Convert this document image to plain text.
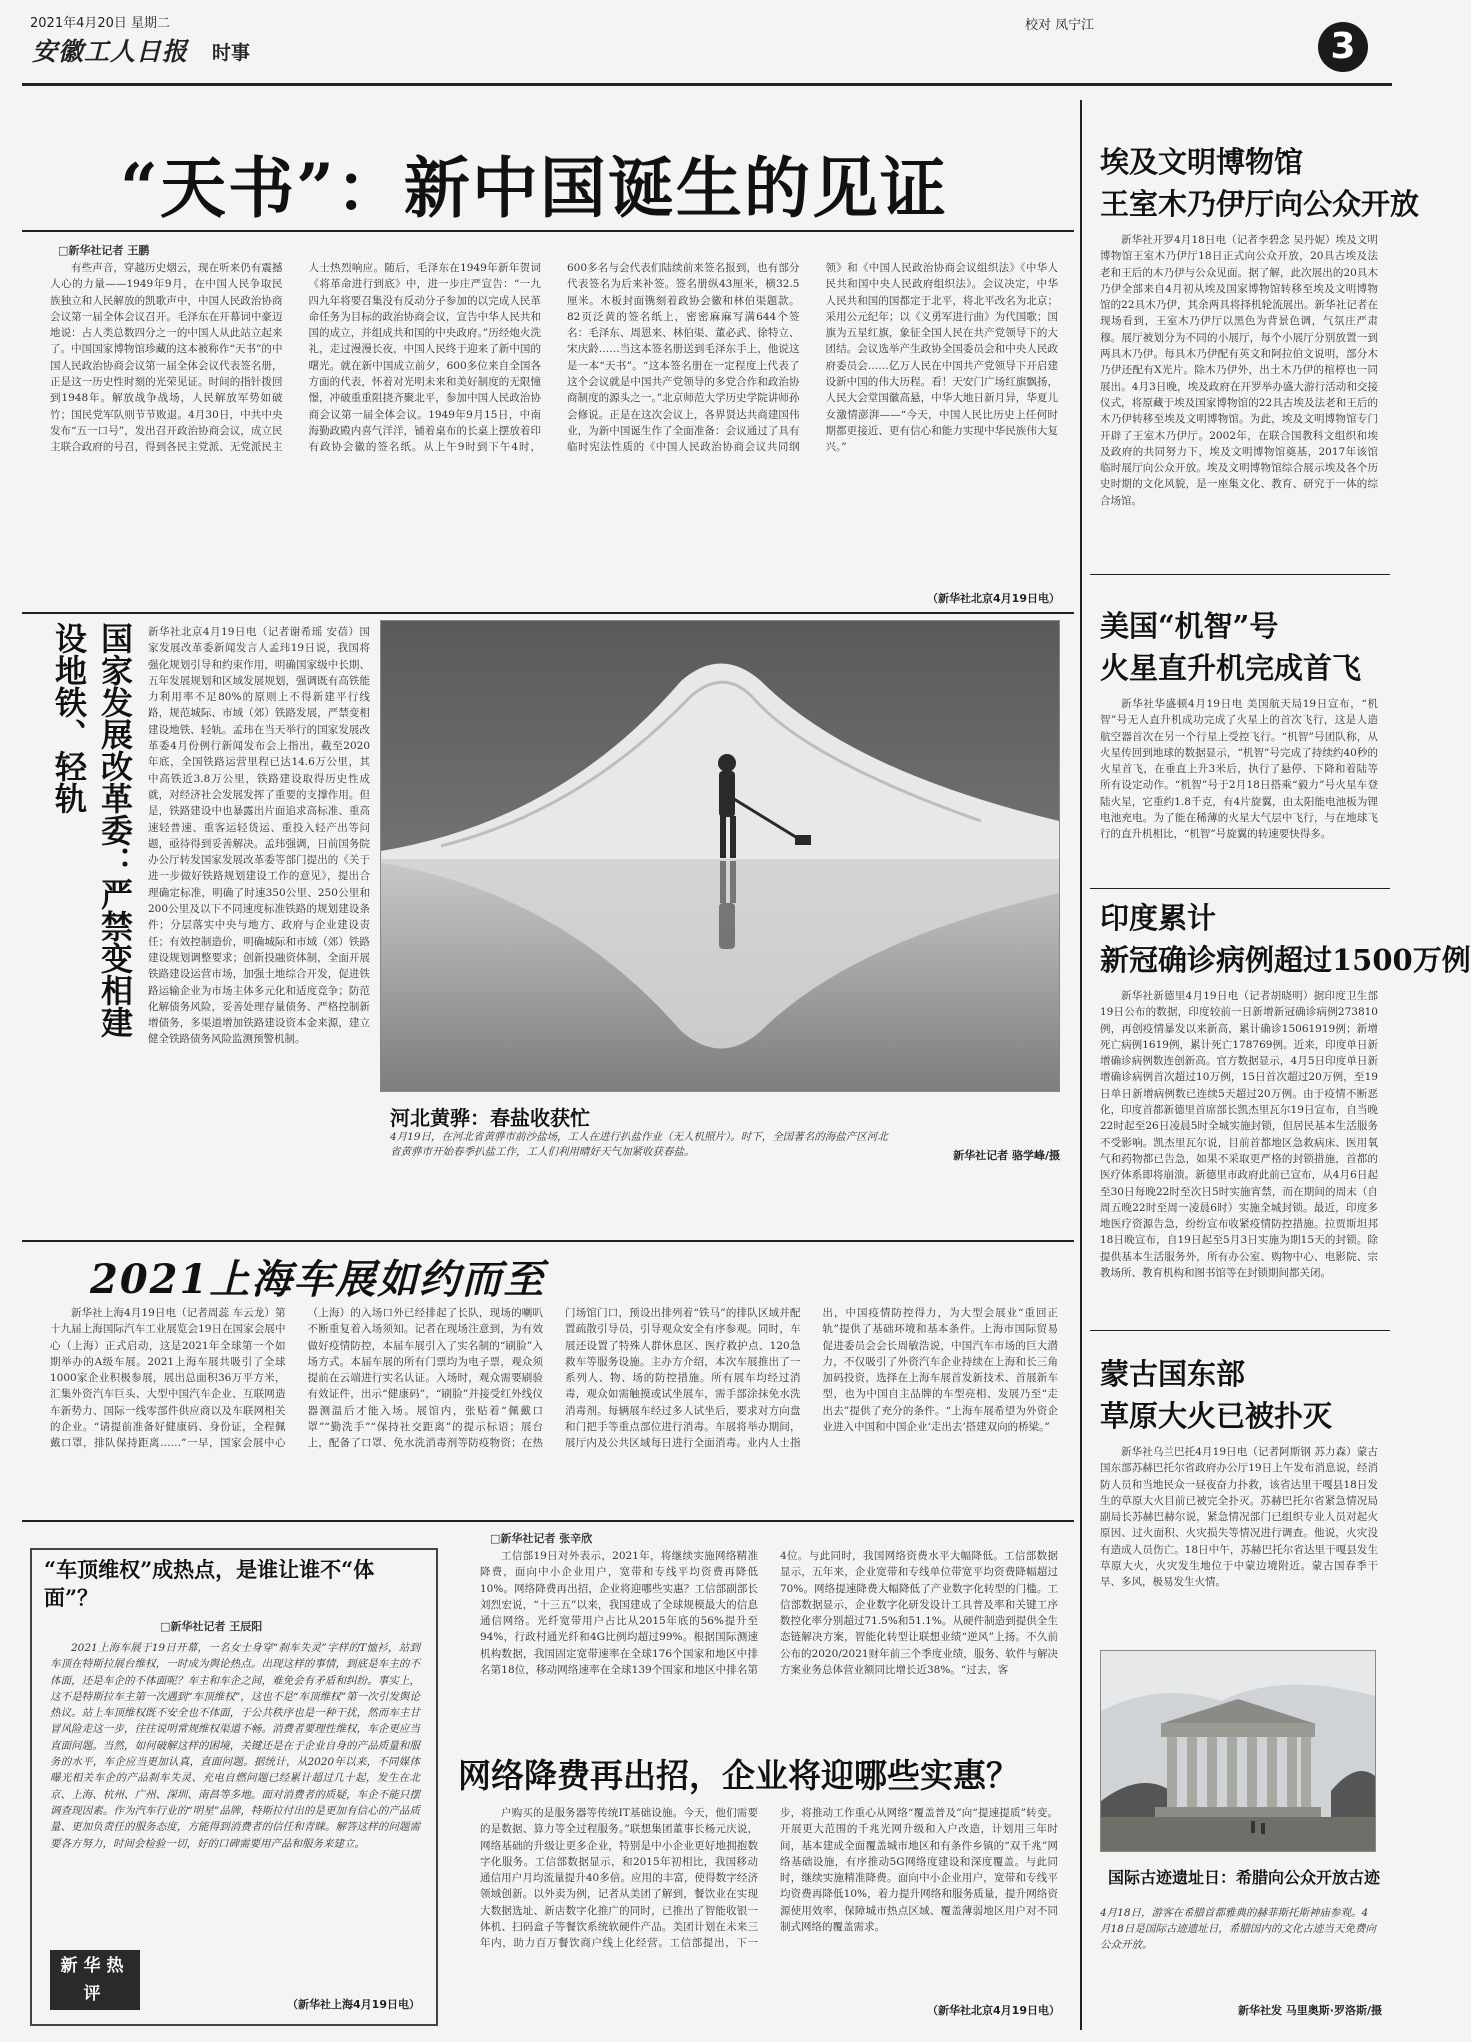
2021年4月20日 星期二
安徽工人日报 时事
校对 凤宁江
3
“天书”：新中国诞生的见证
□新华社记者 王鹏
有些声音，穿越历史烟云，现在听来仍有震撼人心的力量——1949年9月，在中国人民争取民族独立和人民解放的凯歌声中，中国人民政治协商会议第一届全体会议召开。毛泽东在开幕词中豪迈地说：占人类总数四分之一的中国人从此站立起来了。中国国家博物馆珍藏的这本被称作“天书”的中国人民政治协商会议第一届全体会议代表签名册，正是这一历史性时刻的光荣见证。时间的指针拨回到1948年。解放战争战场，人民解放军势如破竹；国民党军队则节节败退。4月30日，中共中央发布“五一口号”，发出召开政治协商会议，成立民主联合政府的号召，得到各民主党派、无党派民主人士热烈响应。随后，毛泽东在1949年新年贺词《将革命进行到底》中，进一步庄严宣告：“一九四九年将要召集没有反动分子参加的以完成人民革命任务为目标的政治协商会议，宣告中华人民共和国的成立，并组成共和国的中央政府。”历经炮火洗礼，走过漫漫长夜，中国人民终于迎来了新中国的曙光。就在新中国成立前夕，600多位来自全国各方面的代表，怀着对光明未来和美好制度的无限憧憬，冲破重重阻挠齐聚北平，参加中国人民政治协商会议第一届全体会议。1949年9月15日，中南海勤政殿内喜气洋洋，铺着桌布的长桌上摆放着印有政协会徽的签名纸。从上午9时到下午4时，600多名与会代表们陆续前来签名报到，也有部分代表签名为后来补签。签名册纵43厘米，横32.5厘米。木板封面镌刻着政协会徽和林伯渠题款。82页泛黄的签名纸上，密密麻麻写满644个签名：毛泽东、周恩来、林伯渠、董必武、徐特立、宋庆龄……当这本签名册送到毛泽东手上，他说这是一本“天书”。“这本签名册在一定程度上代表了这个会议就是中国共产党领导的多党合作和政治协商制度的源头之一。”北京师范大学历史学院讲师孙会修说。正是在这次会议上，各界贤达共商建国伟业，为新中国诞生作了全面准备：会议通过了具有临时宪法性质的《中国人民政治协商会议共同纲领》和《中国人民政治协商会议组织法》《中华人民共和国中央人民政府组织法》。会议决定，中华人民共和国的国都定于北平，将北平改名为北京；采用公元纪年；以《义勇军进行曲》为代国歌；国旗为五星红旗，象征全国人民在共产党领导下的大团结。会议选举产生政协全国委员会和中央人民政府委员会……亿万人民在中国共产党领导下开启建设新中国的伟大历程。看！天安门广场红旗飘扬，人民大会堂国徽高悬，中华大地日新月异，华夏儿女激情澎湃——“今天，中国人民比历史上任何时期都更接近、更有信心和能力实现中华民族伟大复兴。”
（新华社北京4月19日电）
国家发展改革委：严禁变相建设地铁、轻轨	新华社北京4月19日电（记者谢希瑶 安蓓）国家发展改革委新闻发言人孟玮19日说，我国将强化规划引导和约束作用，明确国家级中长期、五年发展规划和区域发展规划，强调既有高铁能力利用率不足80%的原则上不得新建平行线路，规范城际、市域（郊）铁路发展，严禁变相建设地铁、轻轨。孟玮在当天举行的国家发展改革委4月份例行新闻发布会上指出，截至2020年底，全国铁路运营里程已达14.6万公里，其中高铁近3.8万公里，铁路建设取得历史性成就，对经济社会发展发挥了重要的支撑作用。但是，铁路建设中也暴露出片面追求高标准、重高速轻普速、重客运轻货运、重投入轻产出等问题，亟待得到妥善解决。孟玮强调，日前国务院办公厅转发国家发展改革委等部门提出的《关于进一步做好铁路规划建设工作的意见》，提出合理确定标准，明确了时速350公里、250公里和200公里及以下不同速度标准铁路的规划建设条件；分层落实中央与地方、政府与企业建设责任；有效控制造价，明确城际和市域（郊）铁路建设规划调整要求；创新投融资体制，全面开展铁路建设运营市场，加强土地综合开发，促进铁路运输企业为市场主体多元化和适度竞争；防范化解债务风险，妥善处理存量债务、严格控制新增债务，多渠道增加铁路建设资本金来源，建立健全铁路债务风险监测预警机制。
河北黄骅：春盐收获忙
4月19日，在河北省黄骅市前沙盐场，工人在进行扒盐作业（无人机照片）。时下，全国著名的海盐产区河北省黄骅市开始春季扒盐工作，工人们利用晴好天气加紧收获春盐。	新华社记者 骆学峰/摄
2021上海车展如约而至
新华社上海4月19日电（记者周蕊 车云龙）第十九届上海国际汽车工业展览会19日在国家会展中心（上海）正式启动，这是2021年全球第一个如期举办的A级车展。2021上海车展共吸引了全球1000家企业积极参展，展出总面积36万平方米，汇集外资汽车巨头、大型中国汽车企业、互联网造车新势力、国际一线零部件供应商以及车联网相关的企业。“请提前准备好健康码、身份证，全程佩戴口罩，排队保持距离……”一早，国家会展中心（上海）的入场口外已经排起了长队，现场的喇叭不断重复着入场须知。记者在现场注意到，为有效做好疫情防控，本届车展引入了实名制的“刷脸”入场方式。本届车展的所有门票均为电子票，观众须提前在云端进行实名认证。入场时，观众需要刷验有效证件，出示“健康码”，“刷脸”并接受红外线仪器测温后才能入场。展馆内，张贴着“佩戴口罩”“勤洗手”“保持社交距离”的提示标语；展台上，配备了口罩、免水洗消毒剂等防疫物资；在热门场馆门口，预设出排列着“铁马”的排队区域并配置疏散引导员，引导观众安全有序参观。同时，车展还设置了特殊人群休息区、医疗救护点、120急救车等服务设施。主办方介绍，本次车展推出了一系列人、物、场的防控措施。所有展车均经过消毒，观众如需触摸或试坐展车，需手部涂抹免水洗消毒剂。每辆展车经过多人试坐后，要求对方向盘和门把手等重点部位进行消毒。车展将举办期间，展厅内及公共区域每日进行全面消毒。业内人士指出，中国疫情防控得力，为大型会展业“重回正轨”提供了基础环境和基本条件。上海市国际贸易促进委员会会长周敏浩说，中国汽车市场的巨大潜力，不仅吸引了外资汽车企业持续在上海和长三角加码投资，选择在上海车展首发新技术、首展新车型，也为中国自主品牌的车型亮相、发展乃至“走出去”提供了充分的条件。“上海车展希望为外资企业进入中国和中国企业‘走出去’搭建双向的桥梁。”
“车顶维权”成热点，是谁让谁不“体面”？
□新华社记者 王辰阳
2021上海车展于19日开幕，一名女士身穿“刹车失灵”字样的T恤衫，站到车顶在特斯拉展台维权，一时成为舆论热点。出现这样的事情，到底是车主的不体面，还是车企的不体面呢？车主和车企之间，难免会有矛盾和纠纷。事实上，这不是特斯拉车主第一次遇到“车顶维权”，这也不是“车顶维权”第一次引发舆论热议。站上车顶维权既不安全也不体面，于公共秩序也是一种干扰，然而车主甘冒风险走这一步，往往说明常规维权渠道不畅。消费者要理性维权，车企更应当直面问题。当然，如何破解这样的困境，关键还是在于企业自身的产品质量和服务的水平，车企应当更加认真，直面问题。据统计，从2020年以来，不同媒体曝光相关车企的产品刹车失灵、充电自燃问题已经累计超过几十起，发生在北京、上海、杭州、广州、深圳、南昌等多地。面对消费者的质疑，车企不能只摆调查现因素。作为汽车行业的“明星”品牌，特斯拉付出的是更加有信心的产品质量、更加负责任的服务态度，方能得到消费者的信任和青睐。解答这样的问题需要各方努力，时间会检验一切，好的口碑需要用产品和服务来建立。
新华热评
（新华社上海4月19日电）
□新华社记者 张辛欣
工信部19日对外表示，2021年，将继续实施网络精准降费，面向中小企业用户，宽带和专线平均资费再降低10%。网络降费再出招，企业将迎哪些实惠？工信部副部长刘烈宏说，“十三五”以来，我国建成了全球规模最大的信息通信网络。光纤宽带用户占比从2015年底的56%提升至94%，行政村通光纤和4G比例均超过99%。根据国际测速机构数据，我国固定宽带速率在全球176个国家和地区中排名第18位，移动网络速率在全球139个国家和地区中排名第4位。与此同时，我国网络资费水平大幅降低。工信部数据显示，五年来，企业宽带和专线单位带宽平均资费降幅超过70%。网络提速降费大幅降低了产业数字化转型的门槛。工信部数据显示，企业数字化研发设计工具普及率和关键工序数控化率分别超过71.5%和51.1%。从硬件制造到提供全生态链解决方案，智能化转型让联想业绩“逆风”上扬。不久前公布的2020/2021财年前三个季度业绩，服务、软件与解决方案业务总体营业额同比增长近38%。“过去，客
网络降费再出招，企业将迎哪些实惠？
户购买的是服务器等传统IT基础设施。今天，他们需要的是数据、算力等全过程服务。”联想集团董事长杨元庆说，网络基础的升级让更多企业，特别是中小企业更好地拥抱数字化服务。工信部数据显示，和2015年初相比，我国移动通信用户月均流量提升40多倍。应用的丰富，使得数字经济领域创新。以外卖为例，记者从美团了解到，餐饮业在实现大数据选址、新店数字化推广的同时，已推出了智能收银一体机、扫码盒子等餐饮系统软硬件产品。美团计划在未来三年内，助力百万餐饮商户线上化经营。工信部提出，下一步，将推动工作重心从网络“覆盖普及”向“提速提质”转变。开展更大范围的千兆光网升级和入户改造，计划用三年时间，基本建成全面覆盖城市地区和有条件乡镇的“双千兆”网络基础设施，有序推动5G网络度建设和深度覆盖。与此同时，继续实施精准降费。面向中小企业用户，宽带和专线平均资费再降低10%，着力提升网络和服务质量，提升网络资源使用效率，保障城市热点区域、覆盖薄弱地区用户对不同制式网络的覆盖需求。
（新华社北京4月19日电）
埃及文明博物馆
王室木乃伊厅向公众开放
新华社开罗4月18日电（记者李碧念 吴丹妮）埃及文明博物馆王室木乃伊厅18日正式向公众开放，20具古埃及法老和王后的木乃伊与公众见面。据了解，此次展出的20具木乃伊全部来自4月初从埃及国家博物馆转移至埃及文明博物馆的22具木乃伊，其余两具将择机轮流展出。新华社记者在现场看到，王室木乃伊厅以黑色为背景色调，气氛庄严肃穆。展厅被划分为不同的小展厅，每个小展厅分别放置一到两具木乃伊。每具木乃伊配有英文和阿拉伯文说明，部分木乃伊还配有X光片。除木乃伊外，出土木乃伊的棺椁也一同展出。4月3日晚，埃及政府在开罗举办盛大游行活动和交接仪式，将原藏于埃及国家博物馆的22具古埃及法老和王后的木乃伊转移至埃及文明博物馆。为此，埃及文明博物馆专门开辟了王室木乃伊厅。2002年，在联合国教科文组织和埃及政府的共同努力下，埃及文明博物馆奠基，2017年该馆临时展厅向公众开放。埃及文明博物馆综合展示埃及各个历史时期的文化风貌，是一座集文化、教育、研究于一体的综合场馆。
美国“机智”号
火星直升机完成首飞
新华社华盛顿4月19日电 美国航天局19日宣布，“机智”号无人直升机成功完成了火星上的首次飞行，这是人造航空器首次在另一个行星上受控飞行。“机智”号团队称，从火星传回到地球的数据显示，“机智”号完成了持续约40秒的火星首飞，在垂直上升3米后，执行了悬停、下降和着陆等所有设定动作。“机智”号于2月18日搭乘“毅力”号火星车登陆火星，它重约1.8千克，有4片旋翼，由太阳能电池板为锂电池充电。为了能在稀薄的火星大气层中飞行，与在地球飞行的直升机相比，“机智”号旋翼的转速要快得多。
印度累计
新冠确诊病例超过1500万例
新华社新德里4月19日电（记者胡晓明）据印度卫生部19日公布的数据，印度较前一日新增新冠确诊病例273810例，再创疫情暴发以来新高，累计确诊15061919例；新增死亡病例1619例，累计死亡178769例。近来，印度单日新增确诊病例数连创新高。官方数据显示，4月5日印度单日新增确诊病例首次超过10万例，15日首次超过20万例，至19日单日新增病例数已连续5天超过20万例。由于疫情不断恶化，印度首都新德里首席部长凯杰里瓦尔19日宣布，自当晚22时起至26日凌晨5时全城实施封锁，但居民基本生活服务不受影响。凯杰里瓦尔说，目前首都地区急救病床、医用氧气和药物都已告急，如果不采取更严格的封锁措施，首都的医疗体系即将崩溃。新德里市政府此前已宣布，从4月6日起至30日每晚22时至次日5时实施宵禁，而在期间的周末（自周五晚22时至周一凌晨6时）实施全城封锁。最近，印度多地医疗资源告急，纷纷宣布收紧疫情防控措施。拉贾斯坦邦18日晚宣布，自19日起至5月3日实施为期15天的封锁。除提供基本生活服务外，所有办公室、购物中心、电影院、宗教场所、教育机构和图书馆等在封锁期间都关闭。
蒙古国东部
草原大火已被扑灭
新华社乌兰巴托4月19日电（记者阿斯钢 苏力森）蒙古国东部苏赫巴托尔省政府办公厅19日上午发布消息说，经消防人员和当地民众一昼夜奋力扑救，该省达里干嘎县18日发生的草原大火目前已被完全扑灭。苏赫巴托尔省紧急情况局副局长苏赫巴赫尔说，紧急情况部门已组织专业人员对起火原因、过火面积、火灾损失等情况进行调查。他说，火灾没有造成人员伤亡。18日中午，苏赫巴托尔省达里干嘎县发生草原大火，火灾发生地位于中蒙边境附近。蒙古国春季干旱、多风，极易发生火情。
国际古迹遗址日：希腊向公众开放古迹
4月18日，游客在希腊首都雅典的赫菲斯托斯神庙参观。4月18日是国际古迹遗址日，希腊国内的文化古迹当天免费向公众开放。
新华社发 马里奥斯·罗洛斯/摄
